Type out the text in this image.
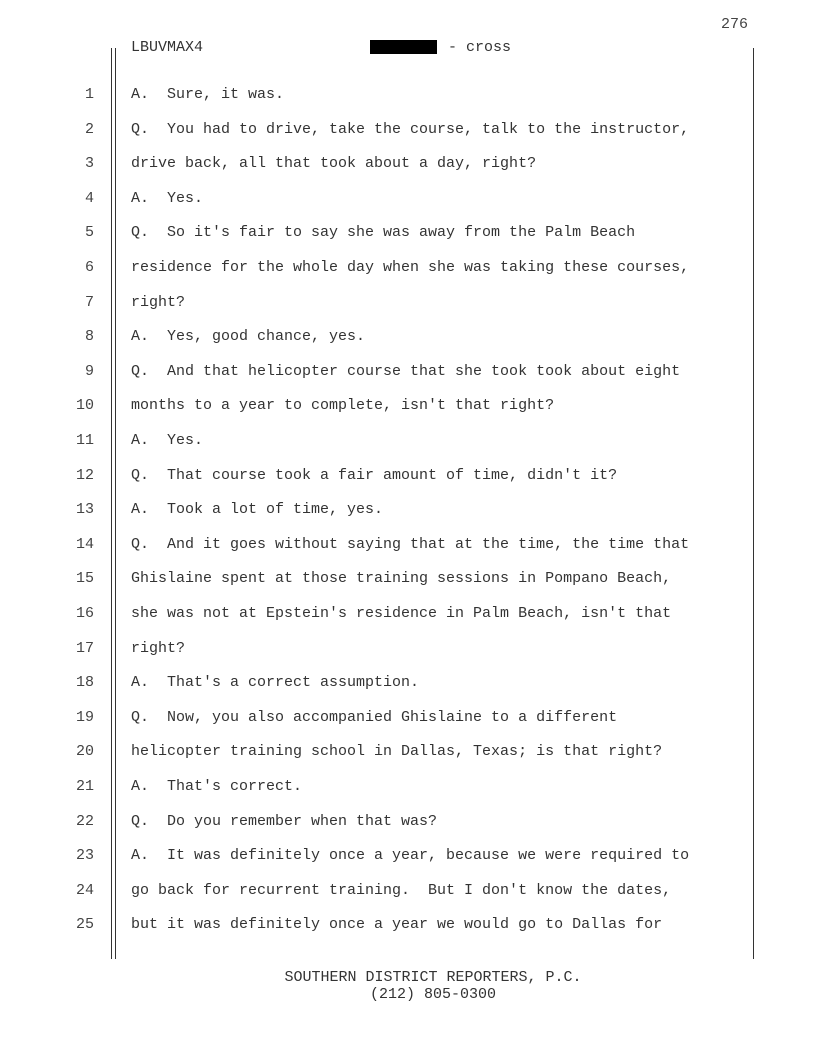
276
LBUVMAX4	- cross
1 A.  Sure, it was.
2 Q.  You had to drive, take the course, talk to the instructor,
3 drive back, all that took about a day, right?
4 A.  Yes.
5 Q.  So it's fair to say she was away from the Palm Beach
6 residence for the whole day when she was taking these courses,
7 right?
8 A.  Yes, good chance, yes.
9 Q.  And that helicopter course that she took took about eight
10 months to a year to complete, isn't that right?
11 A.  Yes.
12 Q.  That course took a fair amount of time, didn't it?
13 A.  Took a lot of time, yes.
14 Q.  And it goes without saying that at the time, the time that
15 Ghislaine spent at those training sessions in Pompano Beach,
16 she was not at Epstein's residence in Palm Beach, isn't that
17 right?
18 A.  That's a correct assumption.
19 Q.  Now, you also accompanied Ghislaine to a different
20 helicopter training school in Dallas, Texas; is that right?
21 A.  That's correct.
22 Q.  Do you remember when that was?
23 A.  It was definitely once a year, because we were required to
24 go back for recurrent training.  But I don't know the dates,
25 but it was definitely once a year we would go to Dallas for
SOUTHERN DISTRICT REPORTERS, P.C.
(212) 805-0300
